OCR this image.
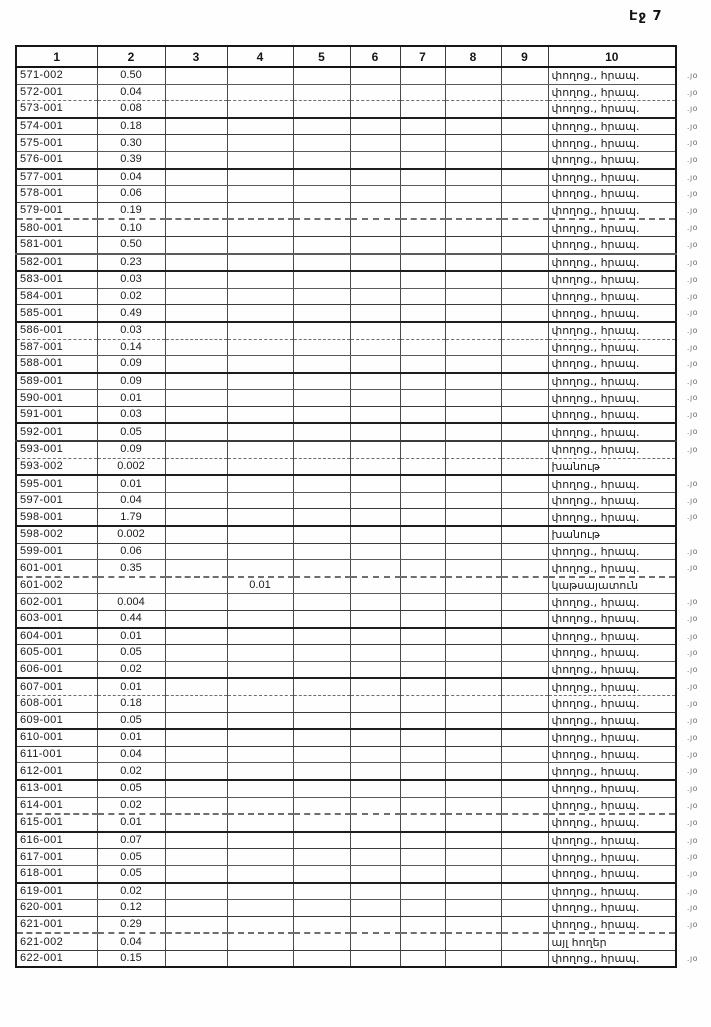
Էջ 7
1	2	3	4	5	6	7	8	9	10
571-002	0.50								փողոց., հրապ. .յօ

572-001	0.04								փողոց., հրապ. .յօ

573-001	0.08								փողոց., հրապ. .յօ

574-001	0.18								փողոց., հրապ. .յօ

575-001	0.30								փողոց., հրապ. .յօ

576-001	0.39								փողոց., հրապ. .յօ

577-001	0.04								փողոց., հրապ. .յօ

578-001	0.06								փողոց., հրապ. .յօ

579-001	0.19								փողոց., հրապ. .յօ

580-001	0.10								փողոց., հրապ. .յօ

581-001	0.50								փողոց., հրապ. .յօ

582-001	0.23								փողոց., հրապ. .յօ

583-001	0.03								փողոց., հրապ. .յօ

584-001	0.02								փողոց., հրապ. .յօ

585-001	0.49								փողոց., հրապ. .յօ

586-001	0.03								փողոց., հրապ. .յօ

587-001	0.14								փողոց., հրապ. .յօ

588-001	0.09								փողոց., հրապ. .յօ

589-001	0.09								փողոց., հրապ. .յօ

590-001	0.01								փողոց., հրապ. .յօ

591-001	0.03								փողոց., հրապ. .յօ

592-001	0.05								փողոց., հրապ. .յօ

593-001	0.09								փողոց., հրապ. .յօ

593-002	0.002								խանութ
595-001	0.01								փողոց., հրապ. .յօ

597-001	0.04								փողոց., հրապ. .յօ

598-001	1.79								փողոց., հրապ. .յօ

598-002	0.002								խանութ
599-001	0.06								փողոց., հրապ. .յօ

601-001	0.35								փողոց., հրապ. .յօ

601-002			0.01						կաթսայատուն
602-001	0.004								փողոց., հրապ. .յօ

603-001	0.44								փողոց., հրապ. .յօ

604-001	0.01								փողոց., հրապ. .յօ

605-001	0.05								փողոց., հրապ. .յօ

606-001	0.02								փողոց., հրապ. .յօ

607-001	0.01								փողոց., հրապ. .յօ

608-001	0.18								փողոց., հրապ. .յօ

609-001	0.05								փողոց., հրապ. .յօ

610-001	0.01								փողոց., հրապ. .յօ

611-001	0.04								փողոց., հրապ. .յօ

612-001	0.02								փողոց., հրապ. .յօ

613-001	0.05								փողոց., հրապ. .յօ

614-001	0.02								փողոց., հրապ. .յօ

615-001	0.01								փողոց., հրապ. .յօ

616-001	0.07								փողոց., հրապ. .յօ

617-001	0.05								փողոց., հրապ. .յօ

618-001	0.05								փողոց., հրապ. .յօ

619-001	0.02								փողոց., հրապ. .յօ

620-001	0.12								փողոց., հրապ. .յօ

621-001	0.29								փողոց., հրապ. .յօ

621-002	0.04								այլ հողեր
622-001	0.15								փողոց., հրապ. .յօ
